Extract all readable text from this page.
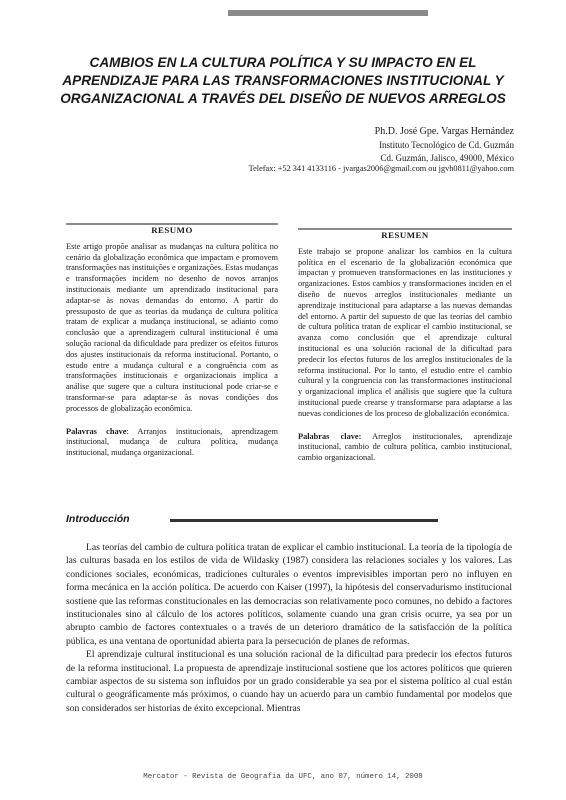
CAMBIOS EN LA CULTURA POLÍTICA Y SU IMPACTO EN EL
APRENDIZAJE PARA LAS TRANSFORMACIONES INSTITUCIONAL Y
ORGANIZACIONAL A TRAVÉS DEL DISEÑO DE NUEVOS ARREGLOS
Ph.D. José Gpe. Vargas Hernández
Instituto Tecnológico de Cd. Guzmán
Cd. Guzmán, Jalisco, 49000, México
Telefax: +52 341 4133116 - jvargas2006@gmail.com ou jgvh0811@yahoo.com
RESUMO

Este artigo propõe analisar as mudanças na cultura política no cenário da globalização econômica que impactam e promovem transformações nas instituições e organizações. Estas mudanças e transformações incidem no desenho de novos arranjos institucionais mediante um aprendizado institucional para adaptar-se às novas demandas do entorno. A partir do pressuposto de que as teorias da mudança de cultura política tratam de explicar a mudança institucional, se adianto como conclusão que a aprendizagem cultural institucional é uma solução racional da dificuldade para predizer os efeitos futuros dos ajustes institucionais da reforma institucional. Portanto, o estudo entre a mudança cultural e a congruência com as transformações institucionais e organizacionais implica a análise que sugere que a cultura institucional pode criar-se e transformar-se para adaptar-se às novas condições dos processos de globalização econômica.

Palavras chave: Arranjos institucionais, aprendizagem institucional, mudança de cultura política, mudança institucional, mudança organizacional.

RESUMEN

Este trabajo se propone analizar los cambios en la cultura política en el escenario de la globalización económica que impactan y promueven transformaciones en las instituciones y organizaciones. Estos cambios y transformaciones inciden en el diseño de nuevos arreglos institucionales mediante un aprendizaje institucional para adaptarse a las nuevas demandas del entorno. A partir del supuesto de que las teorías del cambio de cultura política tratan de explicar el cambio institucional, se avanza como conclusión que el aprendizaje cultural institucional es una solución racional de la dificultad para predecir los efectos futuros de los arreglos institucionales de la reforma institucional. Por lo tanto, el estudio entre el cambio cultural y la congruencia con las transformaciones institucional y organizacional implica el análisis que sugiere que la cultura institucional puede crearse y transformarse para adaptarse a las nuevas condiciones de los proceso de globalización económica.

Palabras clave: Arreglos institucionales, aprendizaje institucional, cambio de cultura política, cambio institucional, cambio organizacional.

Introducción

Las teorías del cambio de cultura política tratan de explicar el cambio institucional. La teoría de la tipología de las culturas basada en los estilos de vida de Wildasky (1987) considera las relaciones sociales y los valores. Las condiciones sociales, económicas, tradiciones culturales o eventos imprevisibles importan pero no influyen en forma mecánica en la acción política. De acuerdo con Kaiser (1997), la hipótesis del conservadurismo institucional sostiene que las reformas constitucionales en las democracias son relativamente poco comunes, no debido a factores institucionales sino al cálculo de los actores políticos, solamente cuando una gran crisis ocurre, ya sea por un abrupto cambio de factores contextuales o a través de un deterioro dramático de la satisfacción de la política pública, es una ventana de oportunidad abierta para la persecución de planes de reformas.

El aprendizaje cultural institucional es una solución racional de la dificultad para predecir los efectos futuros de la reforma institucional. La propuesta de aprendizaje institucional sostiene que los actores políticos que quieren cambiar aspectos de su sistema son influidos por un grado considerable ya sea por el sistema político al cual están cultural o geográficamente más próximos, o cuando hay un acuerdo para un cambio fundamental por modelos que son considerados ser historias de éxito excepcional. Mientras

Mercator - Revista de Geografia da UFC, ano 07, número 14, 2008
